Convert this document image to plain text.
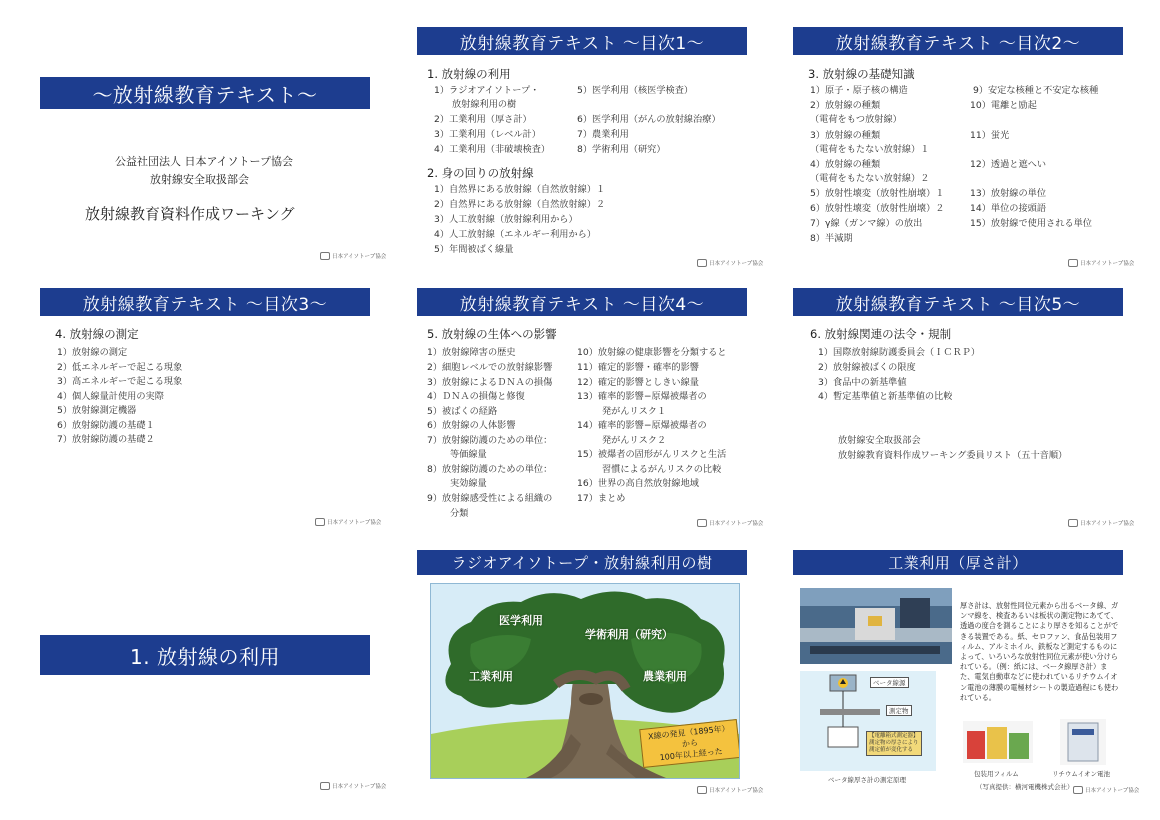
～放射線教育テキスト～
公益社団法人 日本アイソトープ協会
放射線安全取扱部会
放射線教育資料作成ワーキング
日本アイソトープ協会
放射線教育テキスト ～目次1～
1. 放射線の利用
1）ラジオアイソトープ・
放射線利用の樹
2）工業利用（厚さ計）
3）工業利用（レベル計）
4）工業利用（非破壊検査）
5）医学利用（核医学検査）
6）医学利用（がんの放射線治療）
7）農業利用
8）学術利用（研究）
2. 身の回りの放射線
1）自然界にある放射線（自然放射線）１
2）自然界にある放射線（自然放射線）２
3）人工放射線（放射線利用から）
4）人工放射線（エネルギー利用から）
5）年間被ばく線量
日本アイソトープ協会
放射線教育テキスト ～目次2～
3. 放射線の基礎知識
1）原子・原子核の構造
2）放射線の種類
（電荷をもつ放射線）
3）放射線の種類
（電荷をもたない放射線）１
4）放射線の種類
（電荷をもたない放射線）２
5）放射性壊変（放射性崩壊）１
6）放射性壊変（放射性崩壊）２
7）γ線（ガンマ線）の放出
8）半減期
9）安定な核種と不安定な核種
10）電離と励起
11）蛍光
12）透過と遮へい
13）放射線の単位
14）単位の接頭語
15）放射線で使用される単位
日本アイソトープ協会
放射線教育テキスト ～目次3～
4. 放射線の測定
1）放射線の測定
2）低エネルギーで起こる現象
3）高エネルギーで起こる現象
4）個人線量計使用の実際
5）放射線測定機器
6）放射線防護の基礎１
7）放射線防護の基礎２
日本アイソトープ協会
放射線教育テキスト ～目次4～
5. 放射線の生体への影響
1）放射線障害の歴史
2）細胞レベルでの放射線影響
3）放射線によるＤＮＡの損傷
4）ＤＮＡの損傷と修復
5）被ばくの経路
6）放射線の人体影響
7）放射線防護のための単位：
等価線量
8）放射線防護のための単位：
実効線量
9）放射線感受性による組織の
分類
10）放射線の健康影響を分類すると
11）確定的影響・確率的影響
12）確定的影響としきい線量
13）確率的影響−原爆被爆者の
発がんリスク１
14）確率的影響−原爆被爆者の
発がんリスク２
15）被爆者の固形がんリスクと生活
習慣によるがんリスクの比較
16）世界の高自然放射線地域
17）まとめ
日本アイソトープ協会
放射線教育テキスト ～目次5～
6. 放射線関連の法令・規制
1）国際放射線防護委員会（ＩＣＲＰ）
2）放射線被ばくの限度
3）食品中の新基準値
4）暫定基準値と新基準値の比較
放射線安全取扱部会
放射線教育資料作成ワーキング委員リスト（五十音順）
日本アイソトープ協会
1. 放射線の利用
日本アイソトープ協会
ラジオアイソトープ・放射線利用の樹
医学利用
学術利用（研究）
工業利用	農業利用
X線の発見（1895年）から
100年以上経った
日本アイソトープ協会
工業利用（厚さ計）
ベータ線源
測定物
【電離箱式測定器】
測定物の厚さにより
測定値が変化する
ベータ線厚さ計の測定原理
厚さ計は、放射性同位元素から出るベータ線、ガンマ線を、検査あるいは板状の測定物にあてて、透過の度合を測ることにより厚さを知ることができる装置である。紙、セロファン、食品包装用フィルム、アルミホイル、鉄板など測定するものによって、いろいろな放射性同位元素が使い分けられている。（例：紙には、ベータ線厚さ計）また、電気自動車などに使われているリチウムイオン電池の薄膜の電極材シートの製造過程にも使われている。
包装用フィルム	リチウムイオン電池
（写真提供：横河電機株式会社） 日本アイソトープ協会
